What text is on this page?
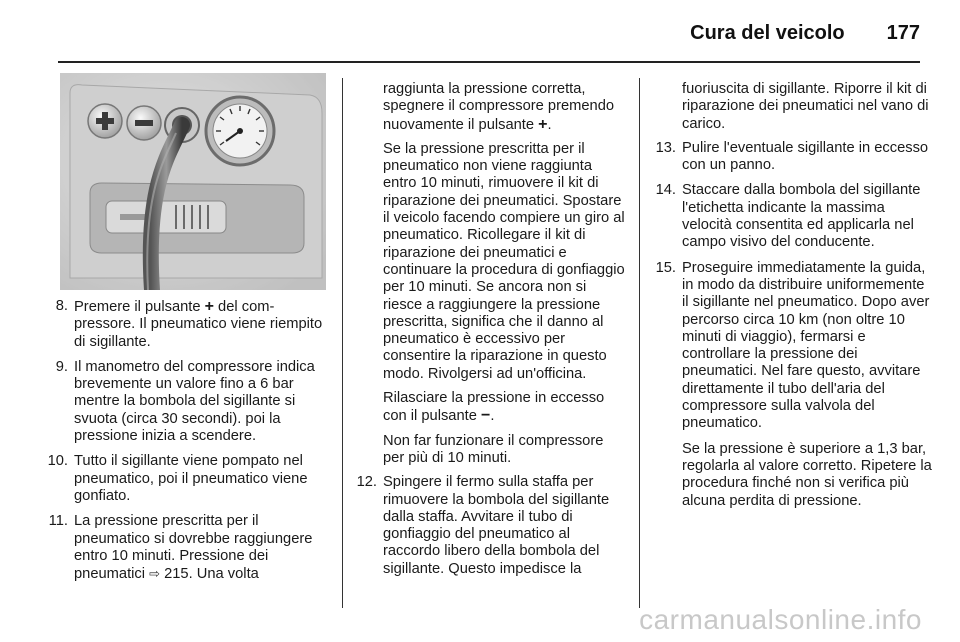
Cura del veicolo 177
8. Premere il pulsante + del compressore. Il pneumatico viene riempito di sigillante.
9. Il manometro del compressore indica brevemente un valore fino a 6 bar mentre la bombola del sigillante si svuota (circa 30 secondi). poi la pressione inizia a scendere.
10. Tutto il sigillante viene pompato nel pneumatico, poi il pneumatico viene gonfiato.
11. La pressione prescritta per il pneumatico si dovrebbe raggiungere entro 10 minuti. Pressione dei pneumatici ⇨ 215. Una volta
raggiunta la pressione corretta, spegnere il compressore premendo nuovamente il pulsante +.
Se la pressione prescritta per il pneumatico non viene raggiunta entro 10 minuti, rimuovere il kit di riparazione dei pneumatici. Spostare il veicolo facendo compiere un giro al pneumatico. Ricollegare il kit di riparazione dei pneumatici e continuare la procedura di gonfiaggio per 10 minuti. Se ancora non si riesce a raggiungere la pressione prescritta, significa che il danno al pneumatico è eccessivo per consentire la riparazione in questo modo. Rivolgersi ad un'officina.
Rilasciare la pressione in eccesso con il pulsante −.
Non far funzionare il compressore per più di 10 minuti.
12. Spingere il fermo sulla staffa per rimuovere la bombola del sigillante dalla staffa. Avvitare il tubo di gonfiaggio del pneumatico al raccordo libero della bombola del sigillante. Questo impedisce la
fuoriuscita di sigillante. Riporre il kit di riparazione dei pneumatici nel vano di carico.
13. Pulire l'eventuale sigillante in eccesso con un panno.
14. Staccare dalla bombola del sigillante l'etichetta indicante la massima velocità consentita ed applicarla nel campo visivo del conducente.
15. Proseguire immediatamente la guida, in modo da distribuire uniformemente il sigillante nel pneumatico. Dopo aver percorso circa 10 km (non oltre 10 minuti di viaggio), fermarsi e controllare la pressione dei pneumatici. Nel fare questo, avvitare direttamente il tubo dell'aria del compressore sulla valvola del pneumatico.
Se la pressione è superiore a 1,3 bar, regolarla al valore corretto. Ripetere la procedura finché non si verifica più alcuna perdita di pressione.
carmanualsonline.info
